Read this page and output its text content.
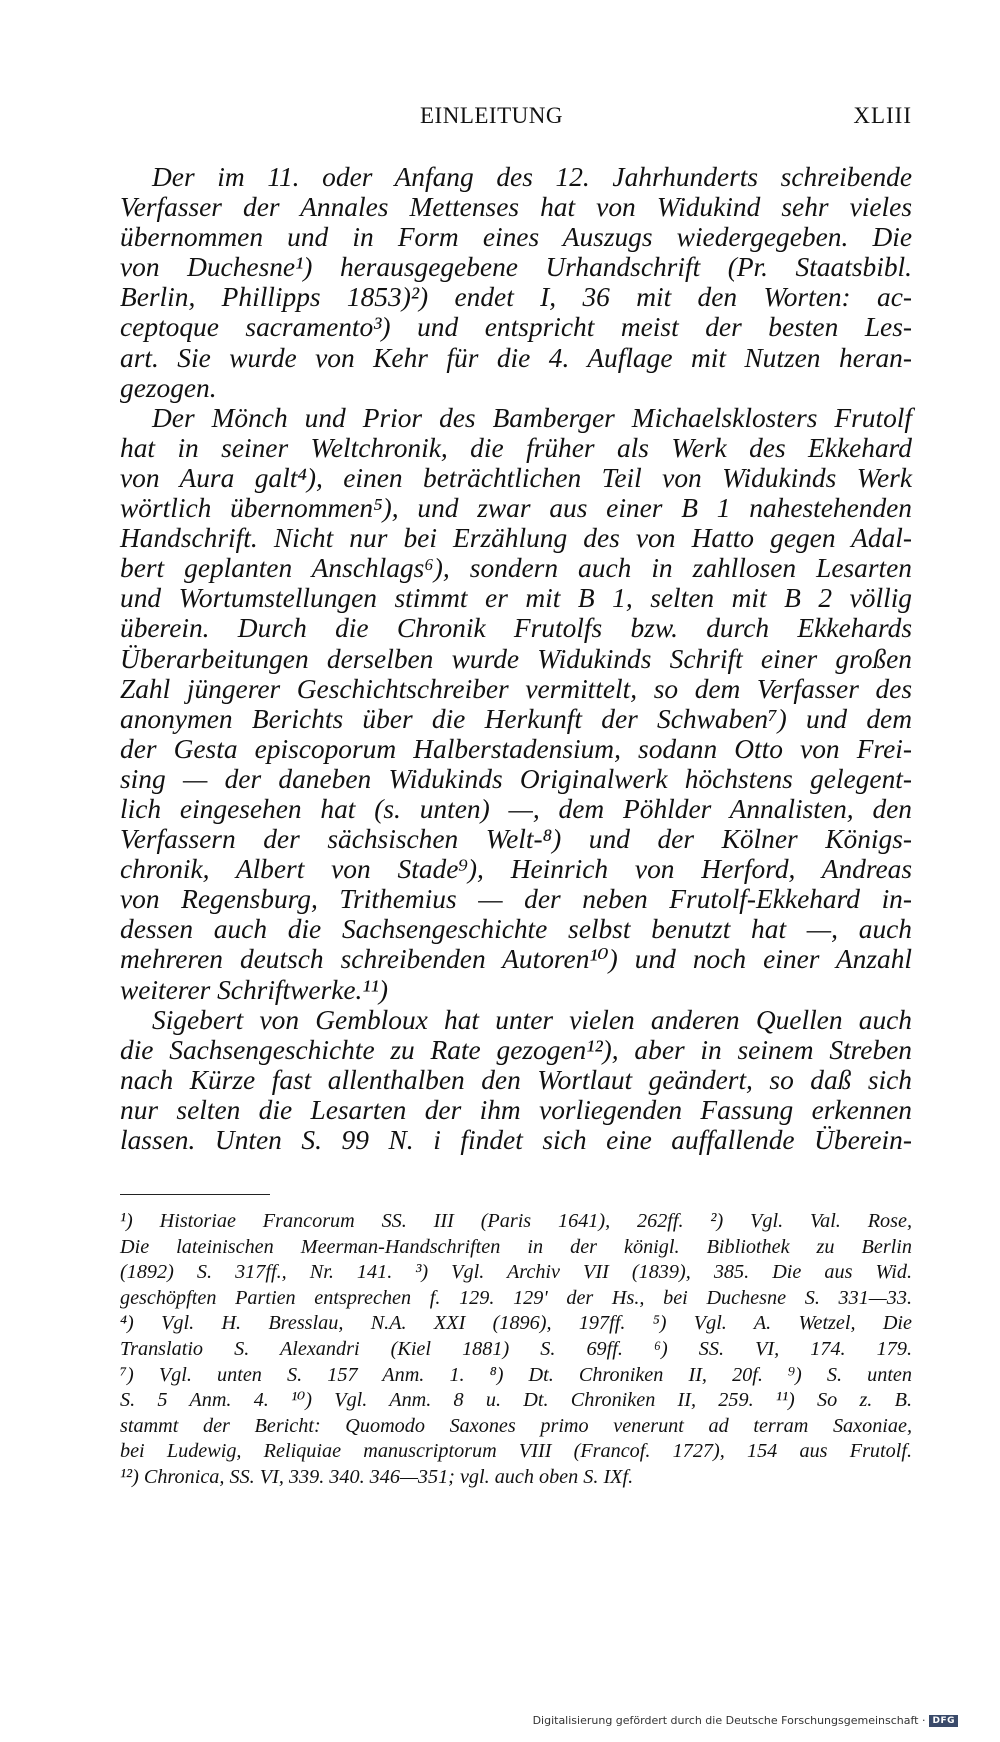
EINLEITUNG	XLIII
Der im 11. oder Anfang des 12. Jahrhunderts schreibende
Verfasser der Annales Mettenses hat von Widukind sehr vieles
übernommen und in Form eines Auszugs wiedergegeben. Die
von Duchesne¹) herausgegebene Urhandschrift (Pr. Staatsbibl.
Berlin, Phillipps 1853)²) endet I, 36 mit den Worten: ac-
ceptoque sacramento³) und entspricht meist der besten Les-
art. Sie wurde von Kehr für die 4. Auflage mit Nutzen heran-
gezogen.
Der Mönch und Prior des Bamberger Michaelsklosters Frutolf
hat in seiner Weltchronik, die früher als Werk des Ekkehard
von Aura galt⁴), einen beträchtlichen Teil von Widukinds Werk
wörtlich übernommen⁵), und zwar aus einer B 1 nahestehenden
Handschrift. Nicht nur bei Erzählung des von Hatto gegen Adal-
bert geplanten Anschlags⁶), sondern auch in zahllosen Lesarten
und Wortumstellungen stimmt er mit B 1, selten mit B 2 völlig
überein. Durch die Chronik Frutolfs bzw. durch Ekkehards
Überarbeitungen derselben wurde Widukinds Schrift einer großen
Zahl jüngerer Geschichtschreiber vermittelt, so dem Verfasser des
anonymen Berichts über die Herkunft der Schwaben⁷) und dem
der Gesta episcoporum Halberstadensium, sodann Otto von Frei-
sing — der daneben Widukinds Originalwerk höchstens gelegent-
lich eingesehen hat (s. unten) —, dem Pöhlder Annalisten, den
Verfassern der sächsischen Welt-⁸) und der Kölner Königs-
chronik, Albert von Stade⁹), Heinrich von Herford, Andreas
von Regensburg, Trithemius — der neben Frutolf-Ekkehard in-
dessen auch die Sachsengeschichte selbst benutzt hat —, auch
mehreren deutsch schreibenden Autoren¹⁰) und noch einer Anzahl
weiterer Schriftwerke.¹¹)
Sigebert von Gembloux hat unter vielen anderen Quellen auch
die Sachsengeschichte zu Rate gezogen¹²), aber in seinem Streben
nach Kürze fast allenthalben den Wortlaut geändert, so daß sich
nur selten die Lesarten der ihm vorliegenden Fassung erkennen
lassen. Unten S. 99 N. i findet sich eine auffallende Überein-
¹) Historiae Francorum SS. III (Paris 1641), 262ff. ²) Vgl. Val. Rose,
Die lateinischen Meerman-Handschriften in der königl. Bibliothek zu Berlin
(1892) S. 317ff., Nr. 141. ³) Vgl. Archiv VII (1839), 385. Die aus Wid.
geschöpften Partien entsprechen f. 129. 129' der Hs., bei Duchesne S. 331—33.
⁴) Vgl. H. Bresslau, N.A. XXI (1896), 197ff. ⁵) Vgl. A. Wetzel, Die
Translatio S. Alexandri (Kiel 1881) S. 69ff. ⁶) SS. VI, 174. 179.
⁷) Vgl. unten S. 157 Anm. 1. ⁸) Dt. Chroniken II, 20f. ⁹) S. unten
S. 5 Anm. 4. ¹⁰) Vgl. Anm. 8 u. Dt. Chroniken II, 259. ¹¹) So z. B.
stammt der Bericht: Quomodo Saxones primo venerunt ad terram Saxoniae,
bei Ludewig, Reliquiae manuscriptorum VIII (Francof. 1727), 154 aus Frutolf.
¹²) Chronica, SS. VI, 339. 340. 346—351; vgl. auch oben S. IXf.
Digitalisierung gefördert durch die Deutsche Forschungsgemeinschaft · DFG
